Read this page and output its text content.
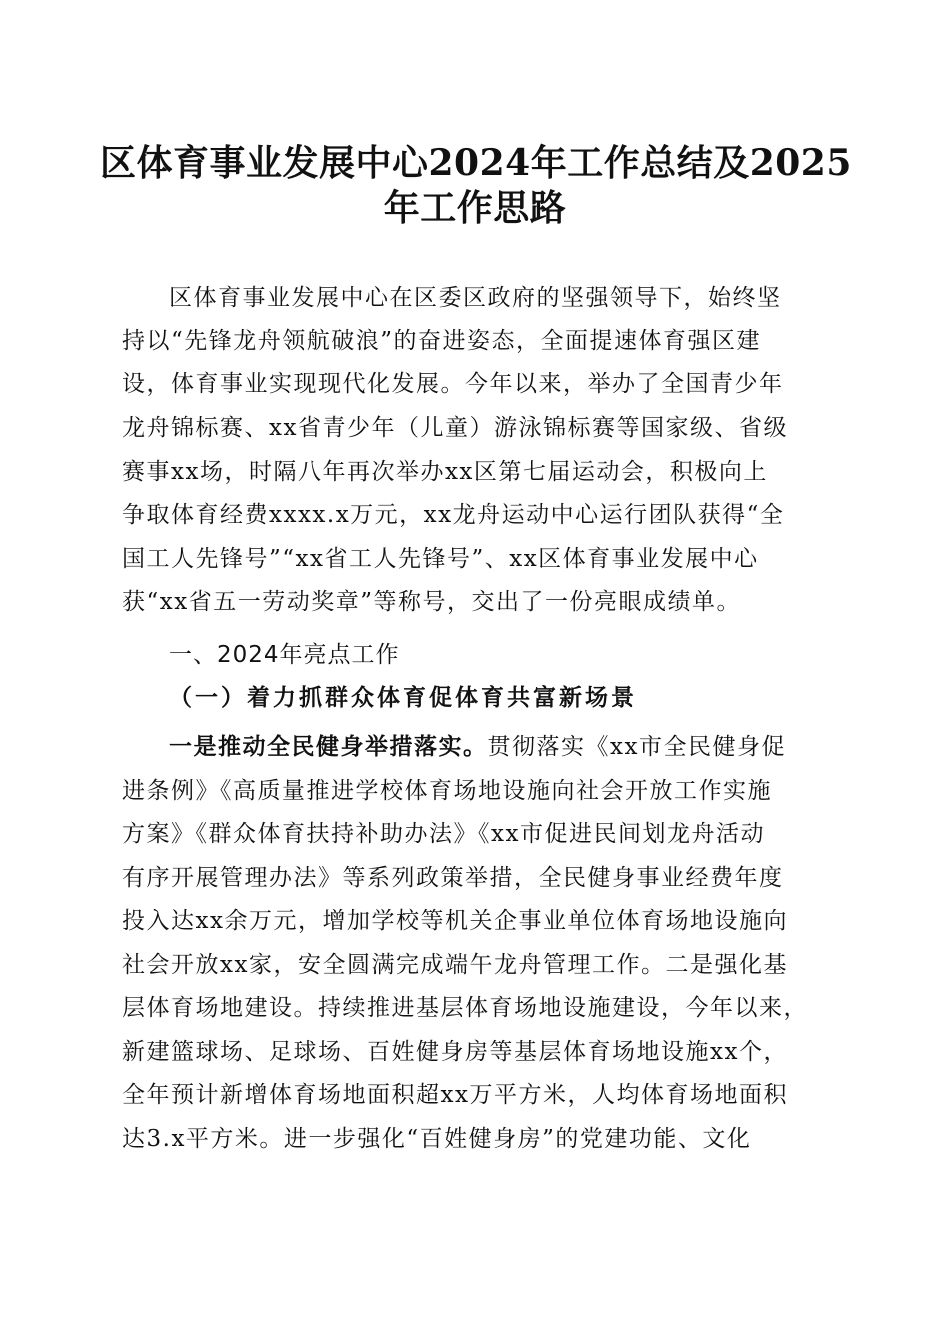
区体育事业发展中心2024年工作总结及2025
年工作思路
区体育事业发展中心在区委区政府的坚强领导下，始终坚
持以“先锋龙舟领航破浪”的奋进姿态，全面提速体育强区建
设，体育事业实现现代化发展。今年以来，举办了全国青少年
龙舟锦标赛、xx省青少年（儿童）游泳锦标赛等国家级、省级
赛事xx场，时隔八年再次举办xx区第七届运动会，积极向上
争取体育经费xxxx.x万元，xx龙舟运动中心运行团队获得“全
国工人先锋号”“xx省工人先锋号”、xx区体育事业发展中心
获“xx省五一劳动奖章”等称号，交出了一份亮眼成绩单。
一、2024年亮点工作
（一）着力抓群众体育促体育共富新场景
一是推动全民健身举措落实。贯彻落实《xx市全民健身促
进条例》《高质量推进学校体育场地设施向社会开放工作实施
方案》《群众体育扶持补助办法》《xx市促进民间划龙舟活动
有序开展管理办法》等系列政策举措，全民健身事业经费年度
投入达xx余万元，增加学校等机关企事业单位体育场地设施向
社会开放xx家，安全圆满完成端午龙舟管理工作。二是强化基
层体育场地建设。持续推进基层体育场地设施建设，今年以来，
新建篮球场、足球场、百姓健身房等基层体育场地设施xx个，
全年预计新增体育场地面积超xx万平方米，人均体育场地面积
达3.x平方米。进一步强化“百姓健身房”的党建功能、文化
